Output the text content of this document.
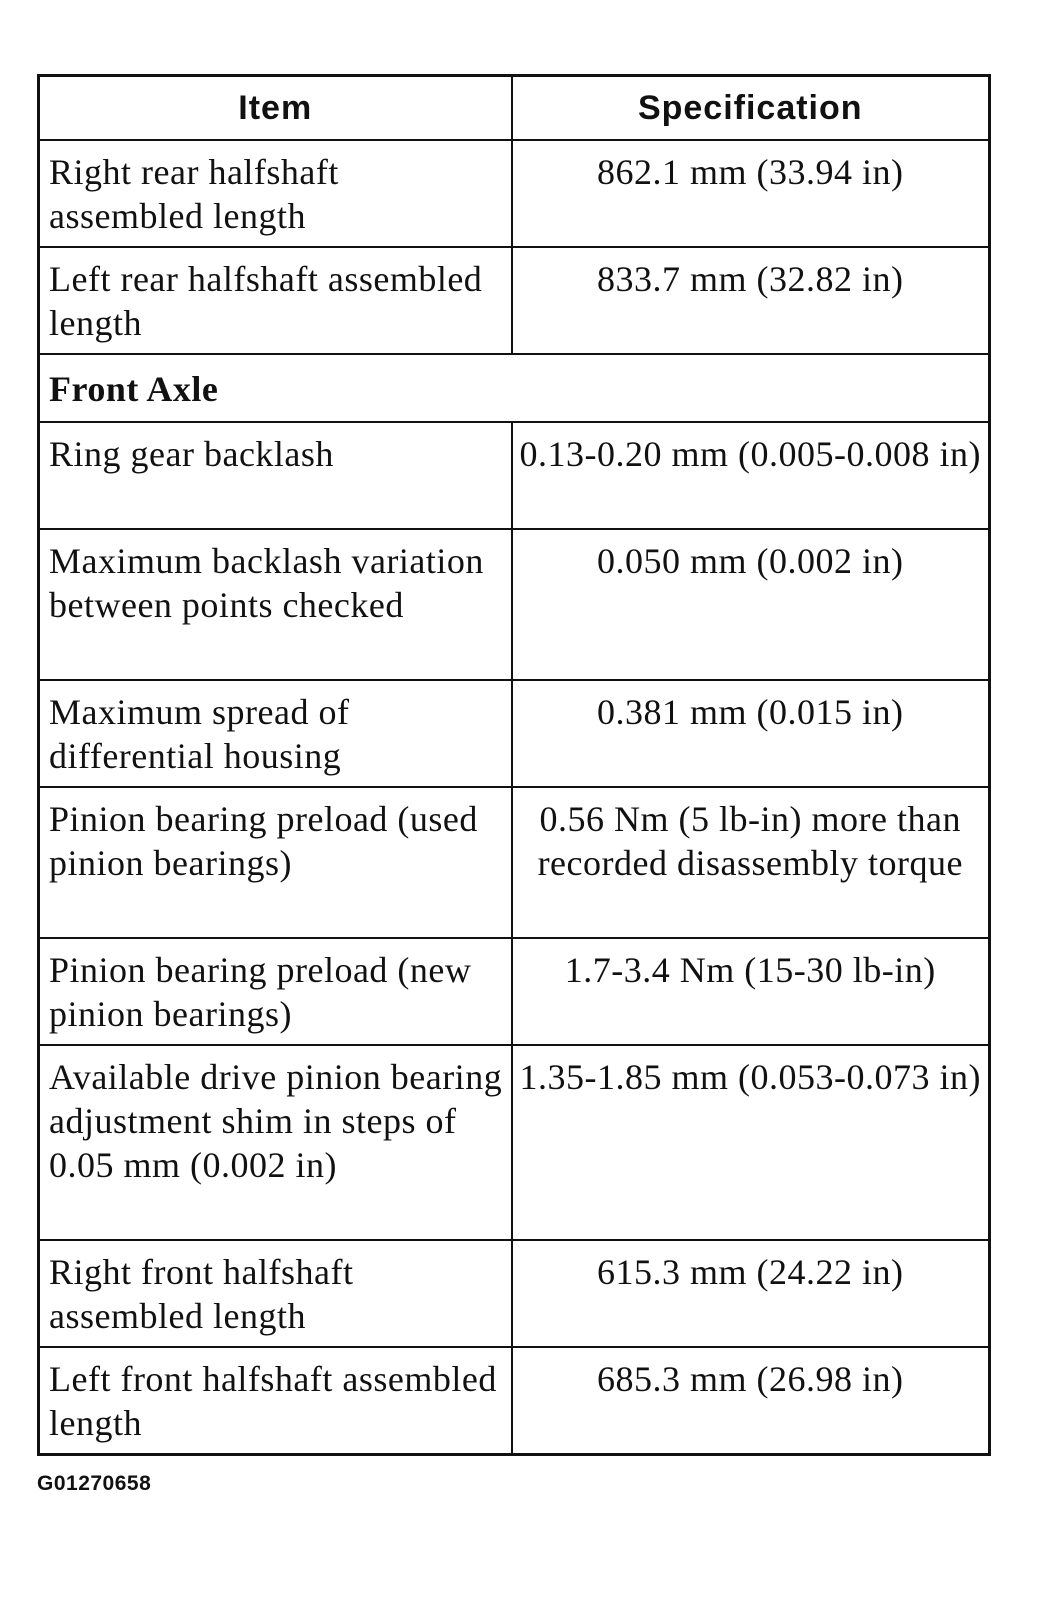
Item	Specification
Right rear halfshaft assembled length	862.1 mm (33.94 in)
Left rear halfshaft assembled length	833.7 mm (32.82 in)
Front Axle	
Ring gear backlash	0.13-0.20 mm (0.005-0.008 in)
Maximum backlash variation between points checked	0.050 mm (0.002 in)
Maximum spread of differential housing	0.381 mm (0.015 in)
Pinion bearing preload (used pinion bearings)	0.56 Nm (5 lb-in) more than recorded disassembly torque
Pinion bearing preload (new pinion bearings)	1.7-3.4 Nm (15-30 lb-in)
Available drive pinion bearing adjustment shim in steps of 0.05 mm (0.002 in)	1.35-1.85 mm (0.053-0.073 in)
Right front halfshaft assembled length	615.3 mm (24.22 in)
Left front halfshaft assembled length	685.3 mm (26.98 in)
G01270658
